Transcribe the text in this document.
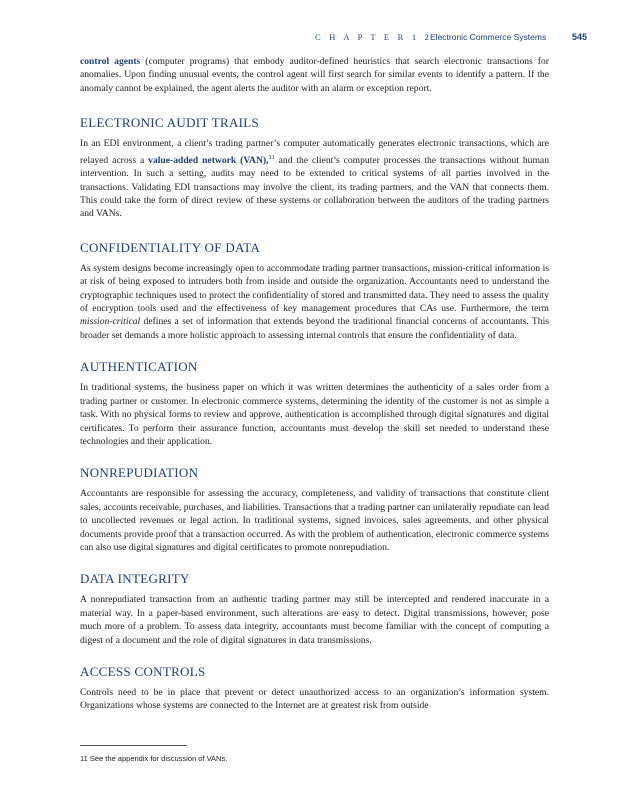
C H A P T E R 1 2
Electronic Commerce Systems	545

control agents (computer programs) that embody auditor-defined heuristics that search electronic transactions for anomalies. Upon finding unusual events, the control agent will first search for similar events to identify a pattern. If the anomaly cannot be explained, the agent alerts the auditor with an alarm or exception report.

ELECTRONIC AUDIT TRAILS

In an EDI environment, a client’s trading partner’s computer automatically generates electronic transactions, which are relayed across a value-added network (VAN),$^{11}$ and the client’s computer processes the transactions without human intervention. In such a setting, audits may need to be extended to critical systems of all parties involved in the transactions. Validating EDI transactions may involve the client, its trading partners, and the VAN that connects them. This could take the form of direct review of these systems or collaboration between the auditors of the trading partners and VANs.

CONFIDENTIALITY OF DATA

As system designs become increasingly open to accommodate trading partner transactions, mission-critical information is at risk of being exposed to intruders both from inside and outside the organization. Accountants need to understand the cryptographic techniques used to protect the confidentiality of stored and transmitted data. They need to assess the quality of encryption tools used and the effectiveness of key management procedures that CAs use. Furthermore, the term mission-critical defines a set of information that extends beyond the traditional financial concerns of accountants. This broader set demands a more holistic approach to assessing internal controls that ensure the confidentiality of data.

AUTHENTICATION

In traditional systems, the business paper on which it was written determines the authenticity of a sales order from a trading partner or customer. In electronic commerce systems, determining the identity of the customer is not as simple a task. With no physical forms to review and approve, authentication is accomplished through digital signatures and digital certificates. To perform their assurance function, accountants must develop the skill set needed to understand these technologies and their application.

NONREPUDIATION

Accountants are responsible for assessing the accuracy, completeness, and validity of transactions that constitute client sales, accounts receivable, purchases, and liabilities. Transactions that a trading partner can unilaterally repudiate can lead to uncollected revenues or legal action. In traditional systems, signed invoices, sales agreements, and other physical documents provide proof that a transaction occurred. As with the problem of authentication, electronic commerce systems can also use digital signatures and digital certificates to promote nonrepudiation.

DATA INTEGRITY

A nonrepudiated transaction from an authentic trading partner may still be intercepted and rendered inaccurate in a material way. In a paper-based environment, such alterations are easy to detect. Digital transmissions, however, pose much more of a problem. To assess data integrity, accountants must become familiar with the concept of computing a digest of a document and the role of digital signatures in data transmissions.

ACCESS CONTROLS

Controls need to be in place that prevent or detect unauthorized access to an organization’s information system. Organizations whose systems are connected to the Internet are at greatest risk from outside

11 See the appendix for discussion of VANs.
